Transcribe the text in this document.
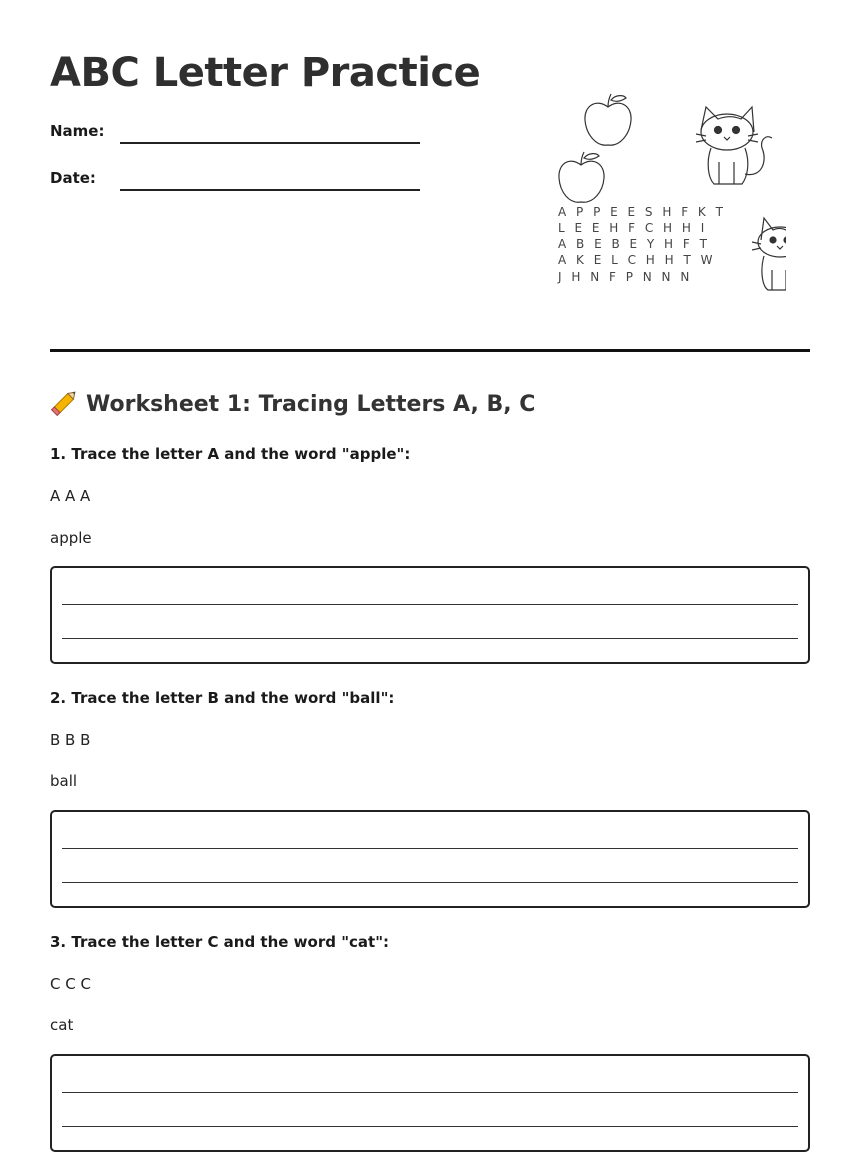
ABC Letter Practice
Name:
Date:
A P P E E S H F K T
L E E H F C H H I
A B E B E Y H F T
A K E L C H H T W
J H N F P N N N
Worksheet 1: Tracing Letters A, B, C

1. Trace the letter A and the word "apple":

A A A

apple

2. Trace the letter B and the word "ball":

B B B

ball

3. Trace the letter C and the word "cat":

C C C

cat
